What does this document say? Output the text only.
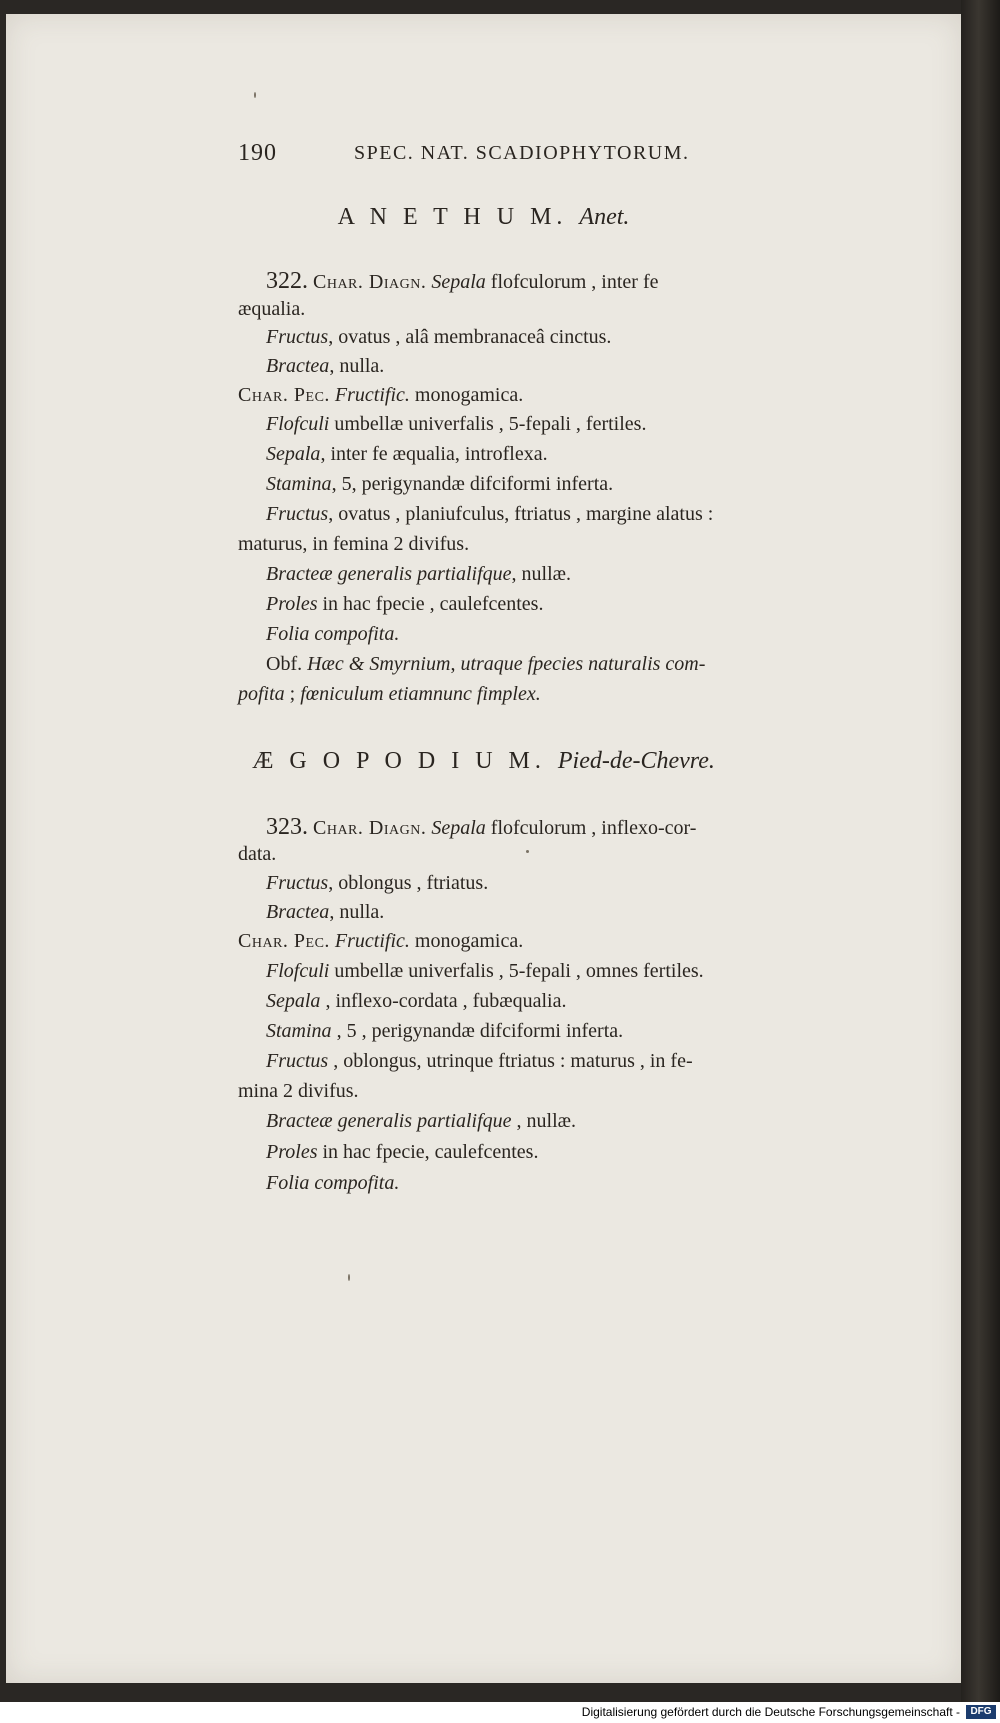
190	SPEC. NAT. SCADIOPHYTORUM.
A N E T H U M. Anet.
322. Char. Diagn. Sepala flofculorum , inter fe
æqualia.
Fructus, ovatus , alâ membranaceâ cinctus.
Bractea, nulla.
Char. Pec. Fructific. monogamica.
Flofculi umbellæ univerfalis , 5-fepali , fertiles.
Sepala, inter fe æqualia, introflexa.
Stamina, 5, perigynandæ difciformi inferta.
Fructus, ovatus , planiufculus, ftriatus , margine alatus :
maturus, in femina 2 divifus.
Bracteæ generalis partialifque, nullæ.
Proles in hac fpecie , caulefcentes.
Folia compofita.
Obf. Hæc & Smyrnium, utraque fpecies naturalis com-
pofita ; fœniculum etiamnunc fimplex.
Æ G O P O D I U M. Pied-de-Chevre.
323. Char. Diagn. Sepala flofculorum , inflexo-cor-
data.
Fructus, oblongus , ftriatus.
Bractea, nulla.
Char. Pec. Fructific. monogamica.
Flofculi umbellæ univerfalis , 5-fepali , omnes fertiles.
Sepala , inflexo-cordata , fubæqualia.
Stamina , 5 , perigynandæ difciformi inferta.
Fructus , oblongus, utrinque ftriatus : maturus , in fe-
mina 2 divifus.
Bracteæ generalis partialifque , nullæ.
Proles in hac fpecie, caulefcentes.
Folia compofita.
Digitalisierung gefördert durch die Deutsche Forschungsgemeinschaft -	DFG
